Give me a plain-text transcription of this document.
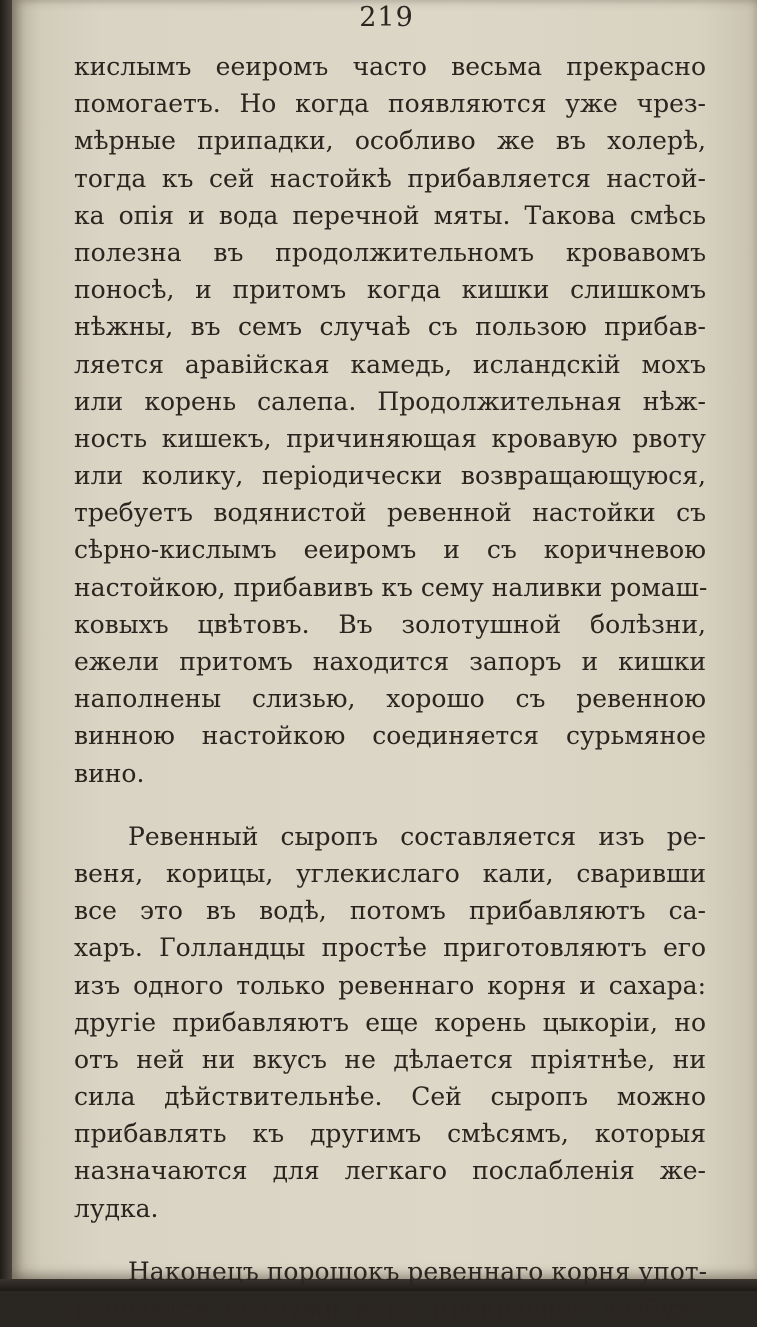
219
кислымъ ееиромъ часто весьма прекрасно
помогаетъ. Но когда появляются уже чрез-
мѣрные припадки, особливо же въ холерѣ,
тогда къ сей настойкѣ прибавляется настой-
ка опія и вода перечной мяты. Такова смѣсь
полезна въ продолжительномъ кровавомъ
поносѣ, и притомъ когда кишки слишкомъ
нѣжны, въ семъ случаѣ съ пользою прибав-
ляется аравійская камедь, исландскій мохъ
или корень салепа. Продолжительная нѣж-
ность кишекъ, причиняющая кровавую рвоту
или колику, періодически возвращающуюся,
требуетъ водянистой ревенной настойки съ
сѣрно-кислымъ ееиромъ и съ коричневою
настойкою, прибавивъ къ сему наливки ромаш-
ковыхъ цвѣтовъ. Въ золотушной болѣзни,
ежели притомъ находится запоръ и кишки
наполнены слизью, хорошо съ ревенною
винною настойкою соединяется сурьмяное
вино.
Ревенный сыропъ составляется изъ ре-
веня, корицы, углекислаго кали, сваривши
все это въ водѣ, потомъ прибавляютъ са-
харъ. Голландцы простѣе приготовляютъ его
изъ одного только ревеннаго корня и сахара:
другіе прибавляютъ еще корень цыкоріи, но
отъ ней ни вкусъ не дѣлается пріятнѣе, ни
сила дѣйствительнѣе. Сей сыропъ можно
прибавлять къ другимъ смѣсямъ, которыя
назначаются для легкаго послабленія же-
лудка.
Наконецъ порошокъ ревеннаго корня упот-
ребляется снаружи какъ прекрасное возбуж-
